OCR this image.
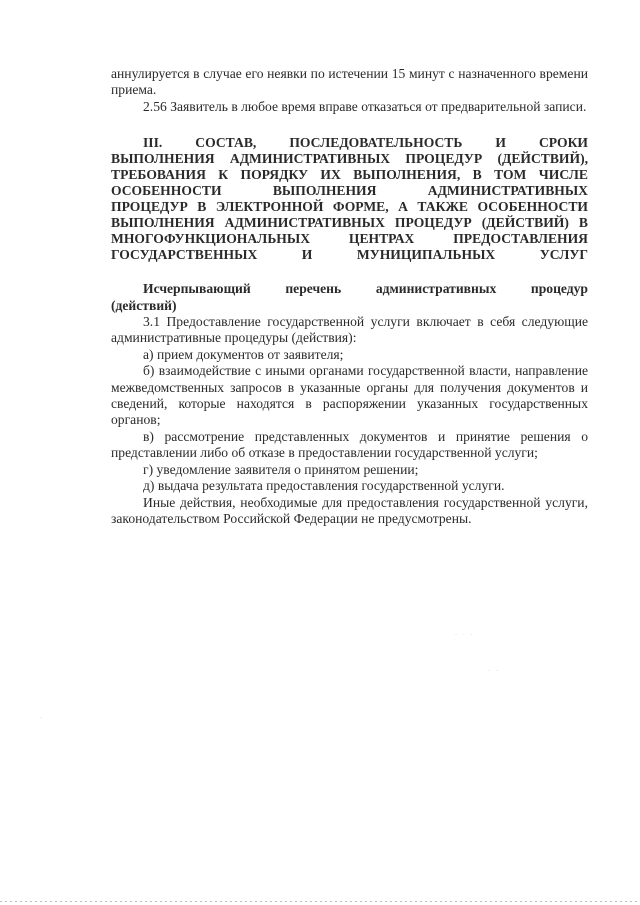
аннулируется в случае его неявки по истечении 15 минут с назначенного времени приема.

2.56 Заявитель в любое время вправе отказаться от предварительной записи.

III. СОСТАВ, ПОСЛЕДОВАТЕЛЬНОСТЬ И СРОКИ
ВЫПОЛНЕНИЯ АДМИНИСТРАТИВНЫХ ПРОЦЕДУР (ДЕЙСТВИЙ),
ТРЕБОВАНИЯ К ПОРЯДКУ ИХ ВЫПОЛНЕНИЯ, В ТОМ ЧИСЛЕ
ОСОБЕННОСТИ ВЫПОЛНЕНИЯ АДМИНИСТРАТИВНЫХ
ПРОЦЕДУР В ЭЛЕКТРОННОЙ ФОРМЕ, А ТАКЖЕ ОСОБЕННОСТИ
ВЫПОЛНЕНИЯ АДМИНИСТРАТИВНЫХ ПРОЦЕДУР (ДЕЙСТВИЙ) В
МНОГОФУНКЦИОНАЛЬНЫХ ЦЕНТРАХ ПРЕДОСТАВЛЕНИЯ
ГОСУДАРСТВЕННЫХ И МУНИЦИПАЛЬНЫХ УСЛУГ

Исчерпывающий перечень административных процедур
(действий)

3.1 Предоставление государственной услуги включает в себя следующие административные процедуры (действия):

а) прием документов от заявителя;

б) взаимодействие с иными органами государственной власти, направление межведомственных запросов в указанные органы для получения документов и сведений, которые находятся в распоряжении указанных государственных органов;

в) рассмотрение представленных документов и принятие решения о представлении либо об отказе в предоставлении государственной услуги;

г) уведомление заявителя о принятом решении;

д) выдача результата предоставления государственной услуги.

Иные действия, необходимые для предоставления государственной услуги, законодательством Российской Федерации не предусмотрены.

· · ·
· ·
·
